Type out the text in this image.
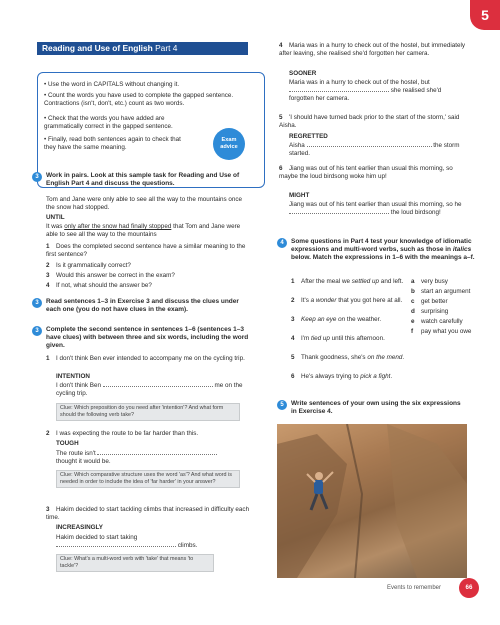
5
Reading and Use of English Part 4
• Use the word in CAPITALS without changing it.
• Count the words you have used to complete the gapped sentence. Contractions (isn't, don't, etc.) count as two words.
• Check that the words you have added are grammatically correct in the gapped sentence.
• Finally, read both sentences again to check that they have the same meaning.
Exam advice
3	Work in pairs. Look at this sample task for Reading and Use of English Part 4 and discuss the questions.
Tom and Jane were only able to see all the way to the mountains once the snow had stopped.
UNTIL
It was only after the snow had finally stopped that Tom and Jane were able to see all the way to the mountains
1 Does the completed second sentence have a similar meaning to the first sentence?
2 Is it grammatically correct?
3 Would this answer be correct in the exam?
4 If not, what should the answer be?
3	Read sentences 1–3 in Exercise 3 and discuss the clues under each one (you do not have clues in the exam).
3	Complete the second sentence in sentences 1–6 (sentences 1–3 have clues) with between three and six words, including the word given.
1 I don't think Ben ever intended to accompany me on the cycling trip.
INTENTION
I don't think Ben	me on the cycling trip.
Clue: Which preposition do you need after 'intention'? And what form should the following verb take?
2 I was expecting the route to be far harder than this.
TOUGH
The route isn't
thought it would be.
Clue: Which comparative structure uses the word 'as'? And what word is needed in order to include the idea of 'far harder' in your answer?
3 Hakim decided to start tackling climbs that increased in difficulty each time.
INCREASINGLY
Hakim decided to start taking
climbs.
Clue: What's a multi-word verb with 'take' that means 'to tackle'?
4 Maria was in a hurry to check out of the hostel, but immediately after leaving, she realised she'd forgotten her camera.
SOONER
Maria was in a hurry to check out of the hostel, but  she realised she'd forgotten her camera.
5 'I should have turned back prior to the start of the storm,' said Aisha.
REGRETTED
Aisha	the storm started.
6 Jiang was out of his tent earlier than usual this morning, so maybe the loud birdsong woke him up!
MIGHT
Jiang was out of his tent earlier than usual this morning, so he  the loud birdsong!
4	Some questions in Part 4 test your knowledge of idiomatic expressions and multi-word verbs, such as those in italics below. Match the expressions in 1–6 with the meanings a–f.
1 After the meal we settled up and left.
2 It's a wonder that you got here at all.
3 Keep an eye on the weather.
4 I'm tied up until this afternoon.
5 Thank goodness, she's on the mend.
6 He's always trying to pick a fight.
a very busy
b start an argument
c get better
d surprising
e watch carefully
f pay what you owe
5	Write sentences of your own using the six expressions in Exercise 4.
Events to remember	66
